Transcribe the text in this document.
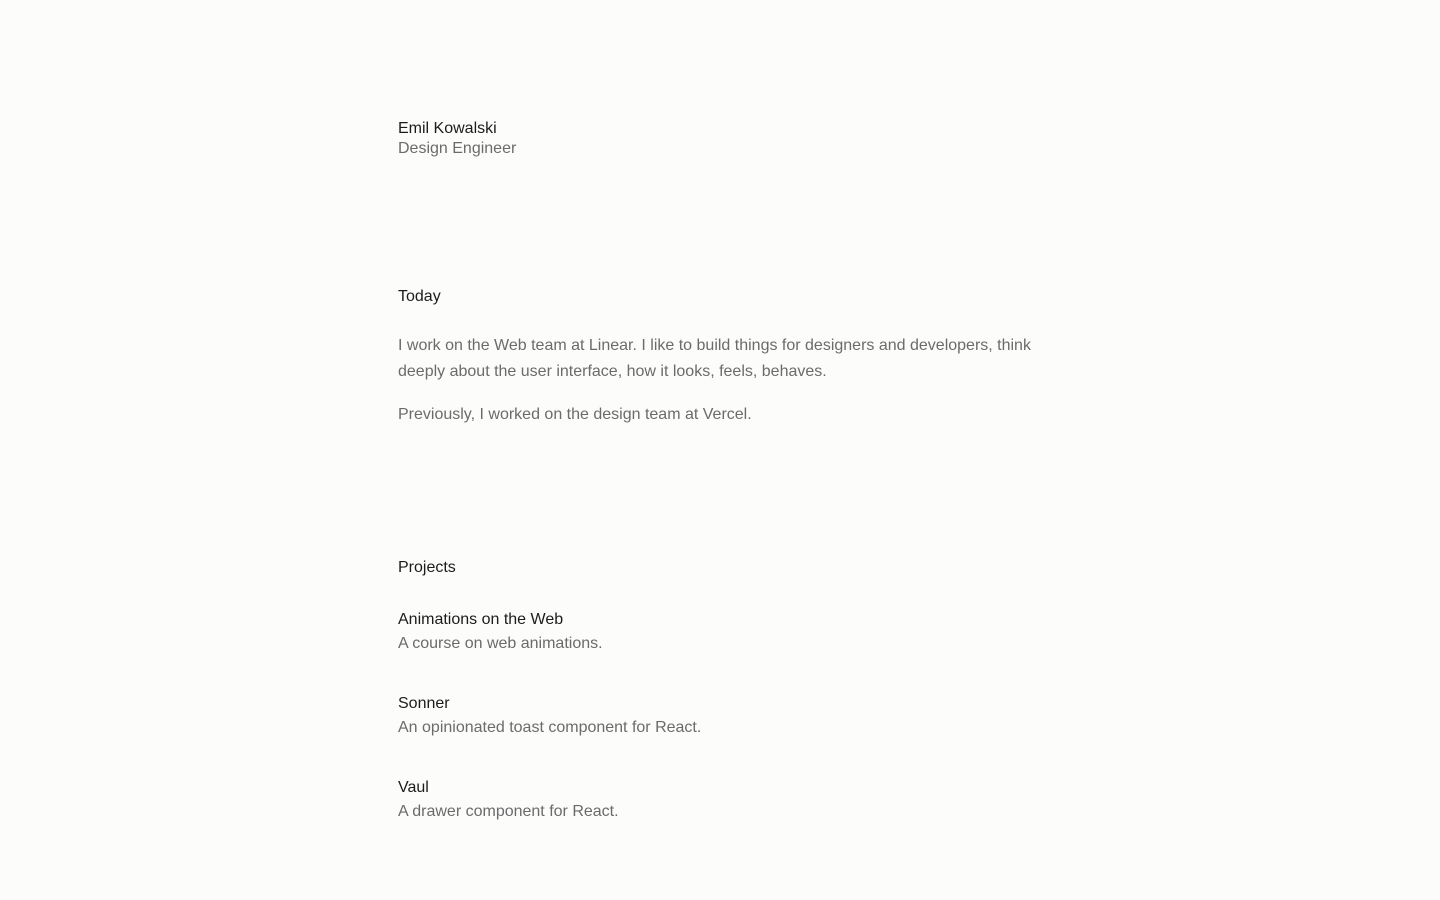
Emil Kowalski
Design Engineer
Today

I work on the Web team at Linear. I like to build things for designers and developers, think deeply about the user interface, how it looks, feels, behaves.

Previously, I worked on the design team at Vercel.

Projects
Animations on the Web
A course on web animations.
Sonner
An opinionated toast component for React.
Vaul
A drawer component for React.
